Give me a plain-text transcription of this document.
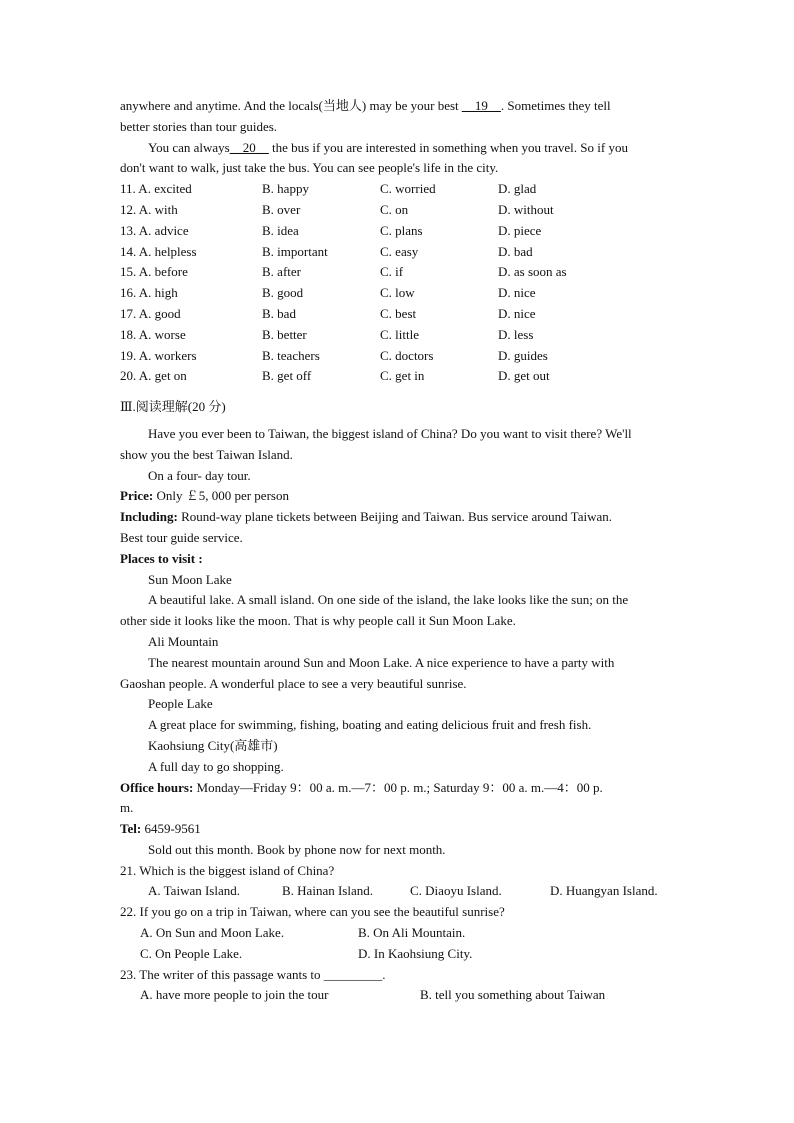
anywhere and anytime. And the locals(当地人) may be your best __19__. Sometimes they tell
better stories than tour guides.
You can always__20__ the bus if you are interested in something when you travel. So if you
don't want to walk, just take the bus. You can see people's life in the city.
11. A. excited	B. happy	C. worried	D. glad
12. A. with	B. over	C. on	D. without
13. A. advice	B. idea	C. plans	D. piece
14. A. helpless	B. important	C. easy	D. bad
15. A. before	B. after	C. if	D. as soon as
16. A. high	B. good	C. low	D. nice
17. A. good	B. bad	C. best	D. nice
18. A. worse	B. better	C. little	D. less
19. A. workers	B. teachers	C. doctors	D. guides
20. A. get on	B. get off	C. get in	D. get out
Ⅲ.阅读理解(20 分)
Have you ever been to Taiwan, the biggest island of China? Do you want to visit there? We'll
show you the best Taiwan Island.
On a four- day tour.
Price: Only ￡5, 000 per person
Including: Round-way plane tickets between Beijing and Taiwan. Bus service around Taiwan.
Best tour guide service.
Places to visit :
Sun Moon Lake
A beautiful lake. A small island. On one side of the island, the lake looks like the sun; on the
other side it looks like the moon. That is why people call it Sun Moon Lake.
Ali Mountain
The nearest mountain around Sun and Moon Lake. A nice experience to have a party with
Gaoshan people. A wonderful place to see a very beautiful sunrise.
People Lake
A great place for swimming, fishing, boating and eating delicious fruit and fresh fish.
Kaohsiung City(高雄市)
A full day to go shopping.
Office hours: Monday—Friday 9：00 a. m.—7：00 p. m.; Saturday 9：00 a. m.—4：00 p.
m.
Tel: 6459-9561
Sold out this month. Book by phone now for next month.
21. Which is the biggest island of China?
A. Taiwan Island.	B. Hainan Island.	C. Diaoyu Island.	D. Huangyan Island.
22. If you go on a trip in Taiwan, where can you see the beautiful sunrise?
A. On Sun and Moon Lake.	B. On Ali Mountain.
C. On People Lake.	D. In Kaohsiung City.
23. The writer of this passage wants to _________.
A. have more people to join the tour	B. tell you something about Taiwan
